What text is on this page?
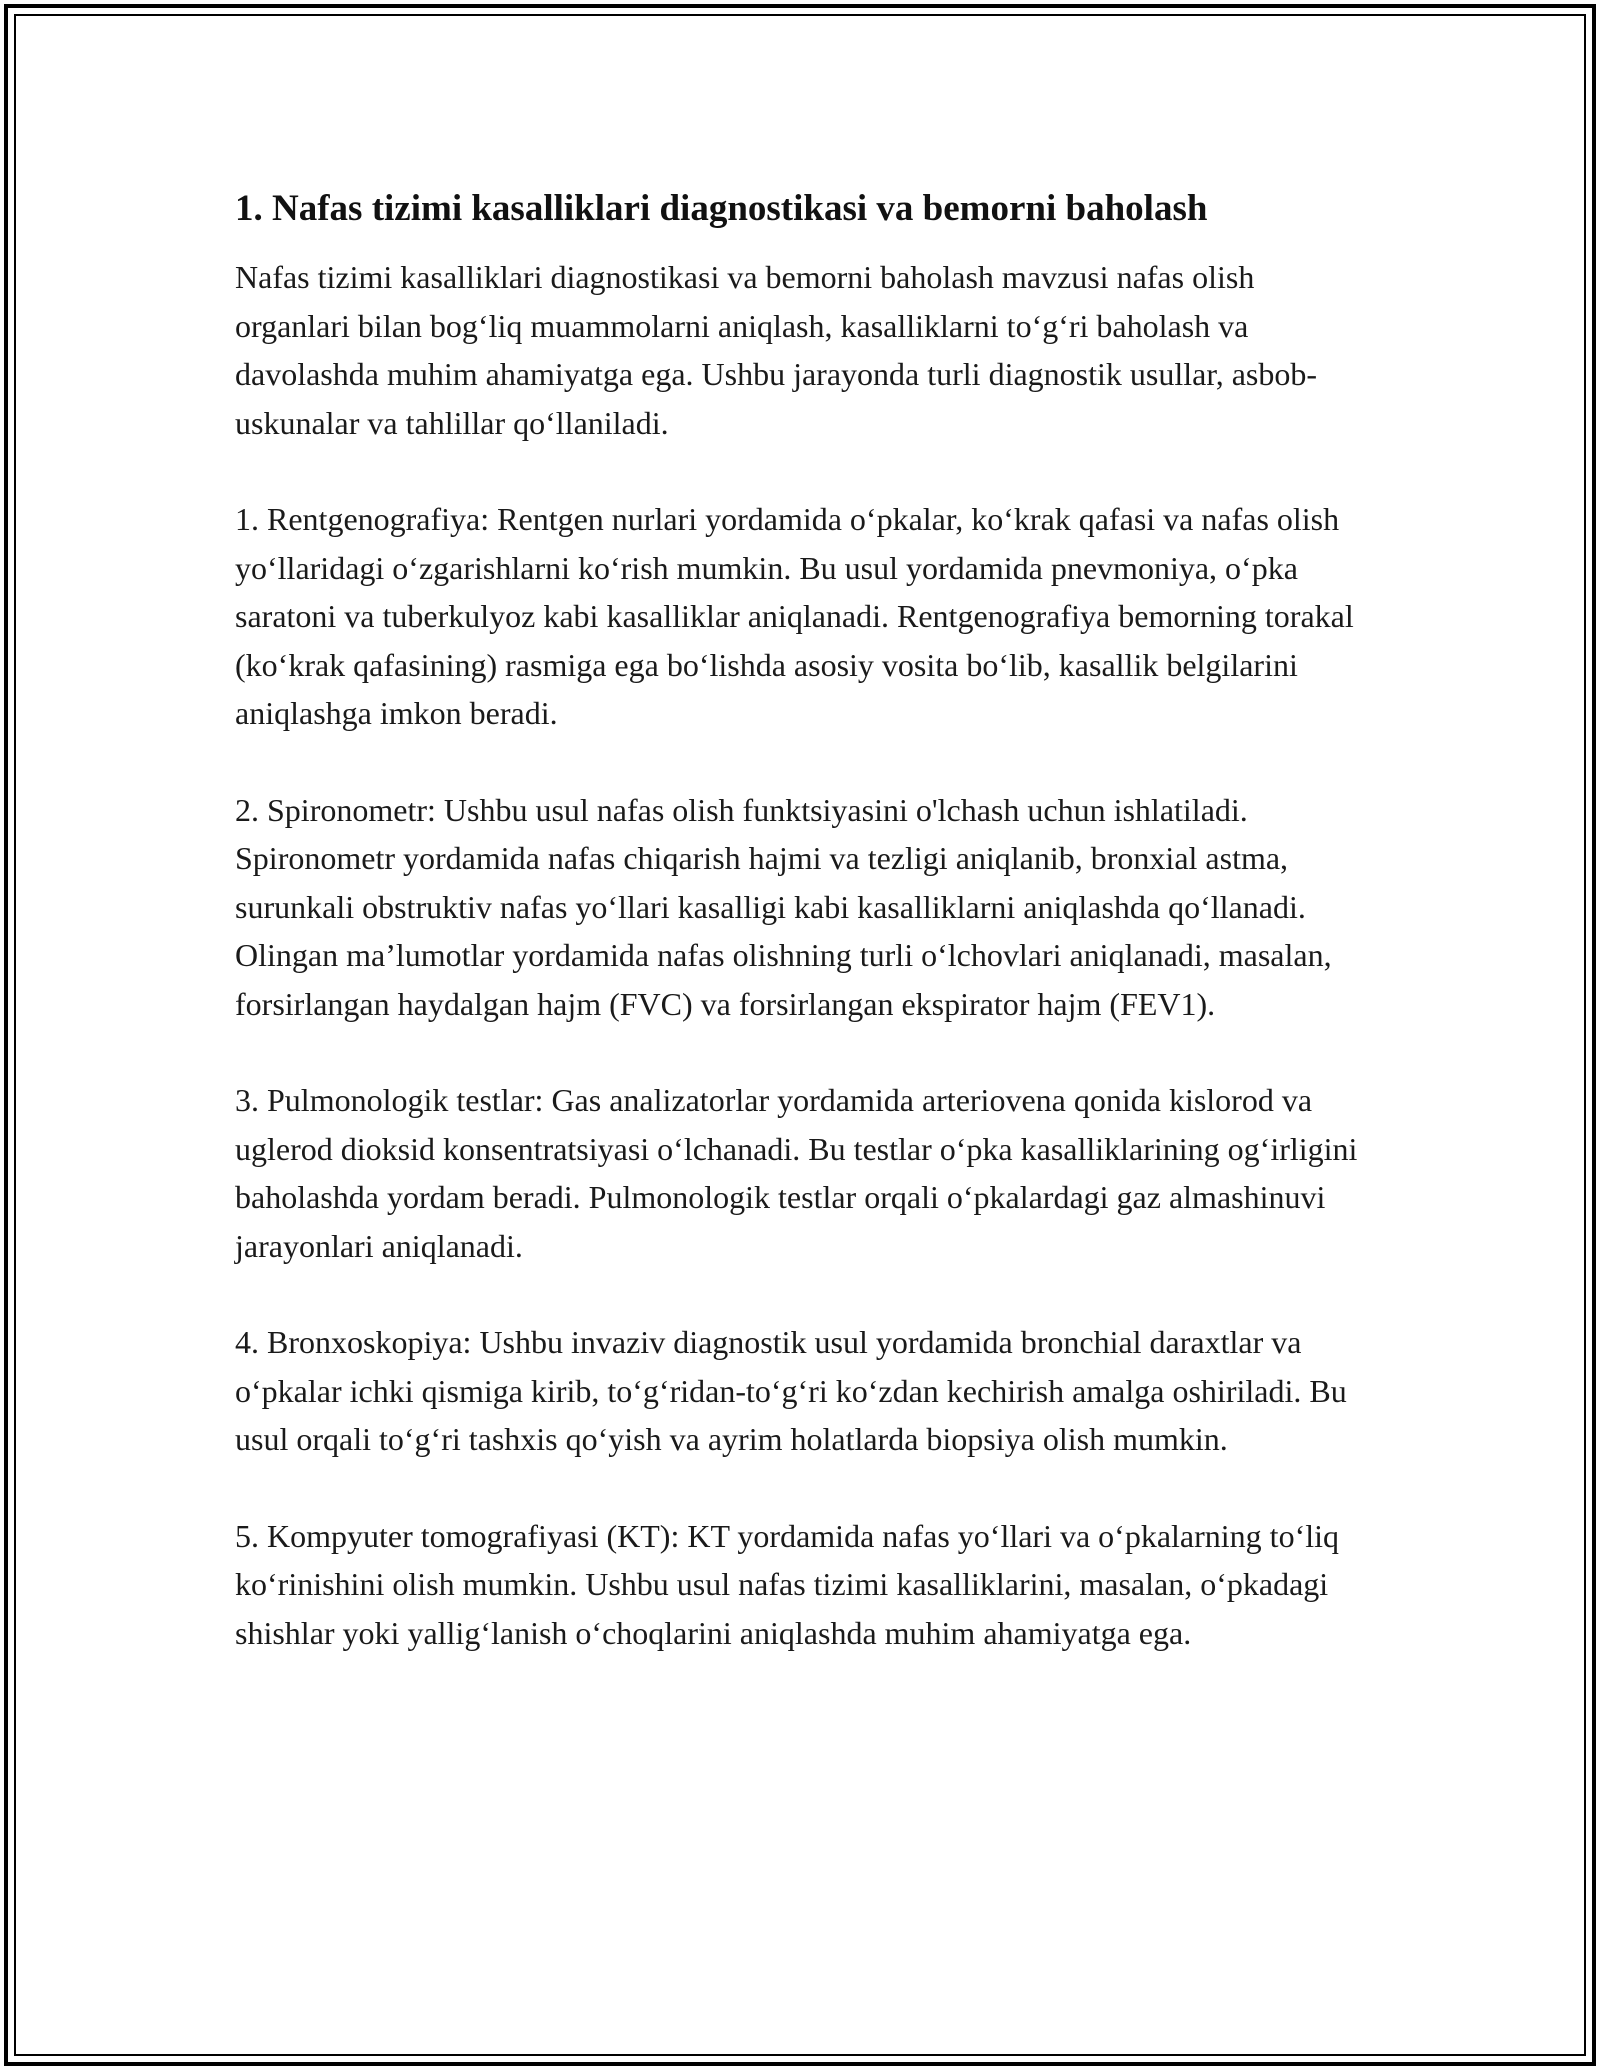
1. Nafas tizimi kasalliklari diagnostikasi va bemorni baholash

Nafas tizimi kasalliklari diagnostikasi va bemorni baholash mavzusi nafas olish organlari bilan bog‘liq muammolarni aniqlash, kasalliklarni to‘g‘ri baholash va davolashda muhim ahamiyatga ega. Ushbu jarayonda turli diagnostik usullar, asbob-uskunalar va tahlillar qo‘llaniladi.

1. Rentgenografiya: Rentgen nurlari yordamida o‘pkalar, ko‘krak qafasi va nafas olish yo‘llaridagi o‘zgarishlarni ko‘rish mumkin. Bu usul yordamida pnevmoniya, o‘pka saratoni va tuberkulyoz kabi kasalliklar aniqlanadi. Rentgenografiya bemorning torakal (ko‘krak qafasining) rasmiga ega bo‘lishda asosiy vosita bo‘lib, kasallik belgilarini aniqlashga imkon beradi.

2. Spironometr: Ushbu usul nafas olish funktsiyasini o'lchash uchun ishlatiladi. Spironometr yordamida nafas chiqarish hajmi va tezligi aniqlanib, bronxial astma, surunkali obstruktiv nafas yo‘llari kasalligi kabi kasalliklarni aniqlashda qo‘llanadi. Olingan ma’lumotlar yordamida nafas olishning turli o‘lchovlari aniqlanadi, masalan, forsirlangan haydalgan hajm (FVC) va forsirlangan ekspirator hajm (FEV1).

3. Pulmonologik testlar: Gas analizatorlar yordamida arteriovena qonida kislorod va uglerod dioksid konsentratsiyasi o‘lchanadi. Bu testlar o‘pka kasalliklarining og‘irligini baholashda yordam beradi. Pulmonologik testlar orqali o‘pkalardagi gaz almashinuvi jarayonlari aniqlanadi.

4. Bronxoskopiya: Ushbu invaziv diagnostik usul yordamida bronchial daraxtlar va o‘pkalar ichki qismiga kirib, to‘g‘ridan-to‘g‘ri ko‘zdan kechirish amalga oshiriladi. Bu usul orqali to‘g‘ri tashxis qo‘yish va ayrim holatlarda biopsiya olish mumkin.

5. Kompyuter tomografiyasi (KT): KT yordamida nafas yo‘llari va o‘pkalarning to‘liq ko‘rinishini olish mumkin. Ushbu usul nafas tizimi kasalliklarini, masalan, o‘pkadagi shishlar yoki yallig‘lanish o‘choqlarini aniqlashda muhim ahamiyatga ega.
